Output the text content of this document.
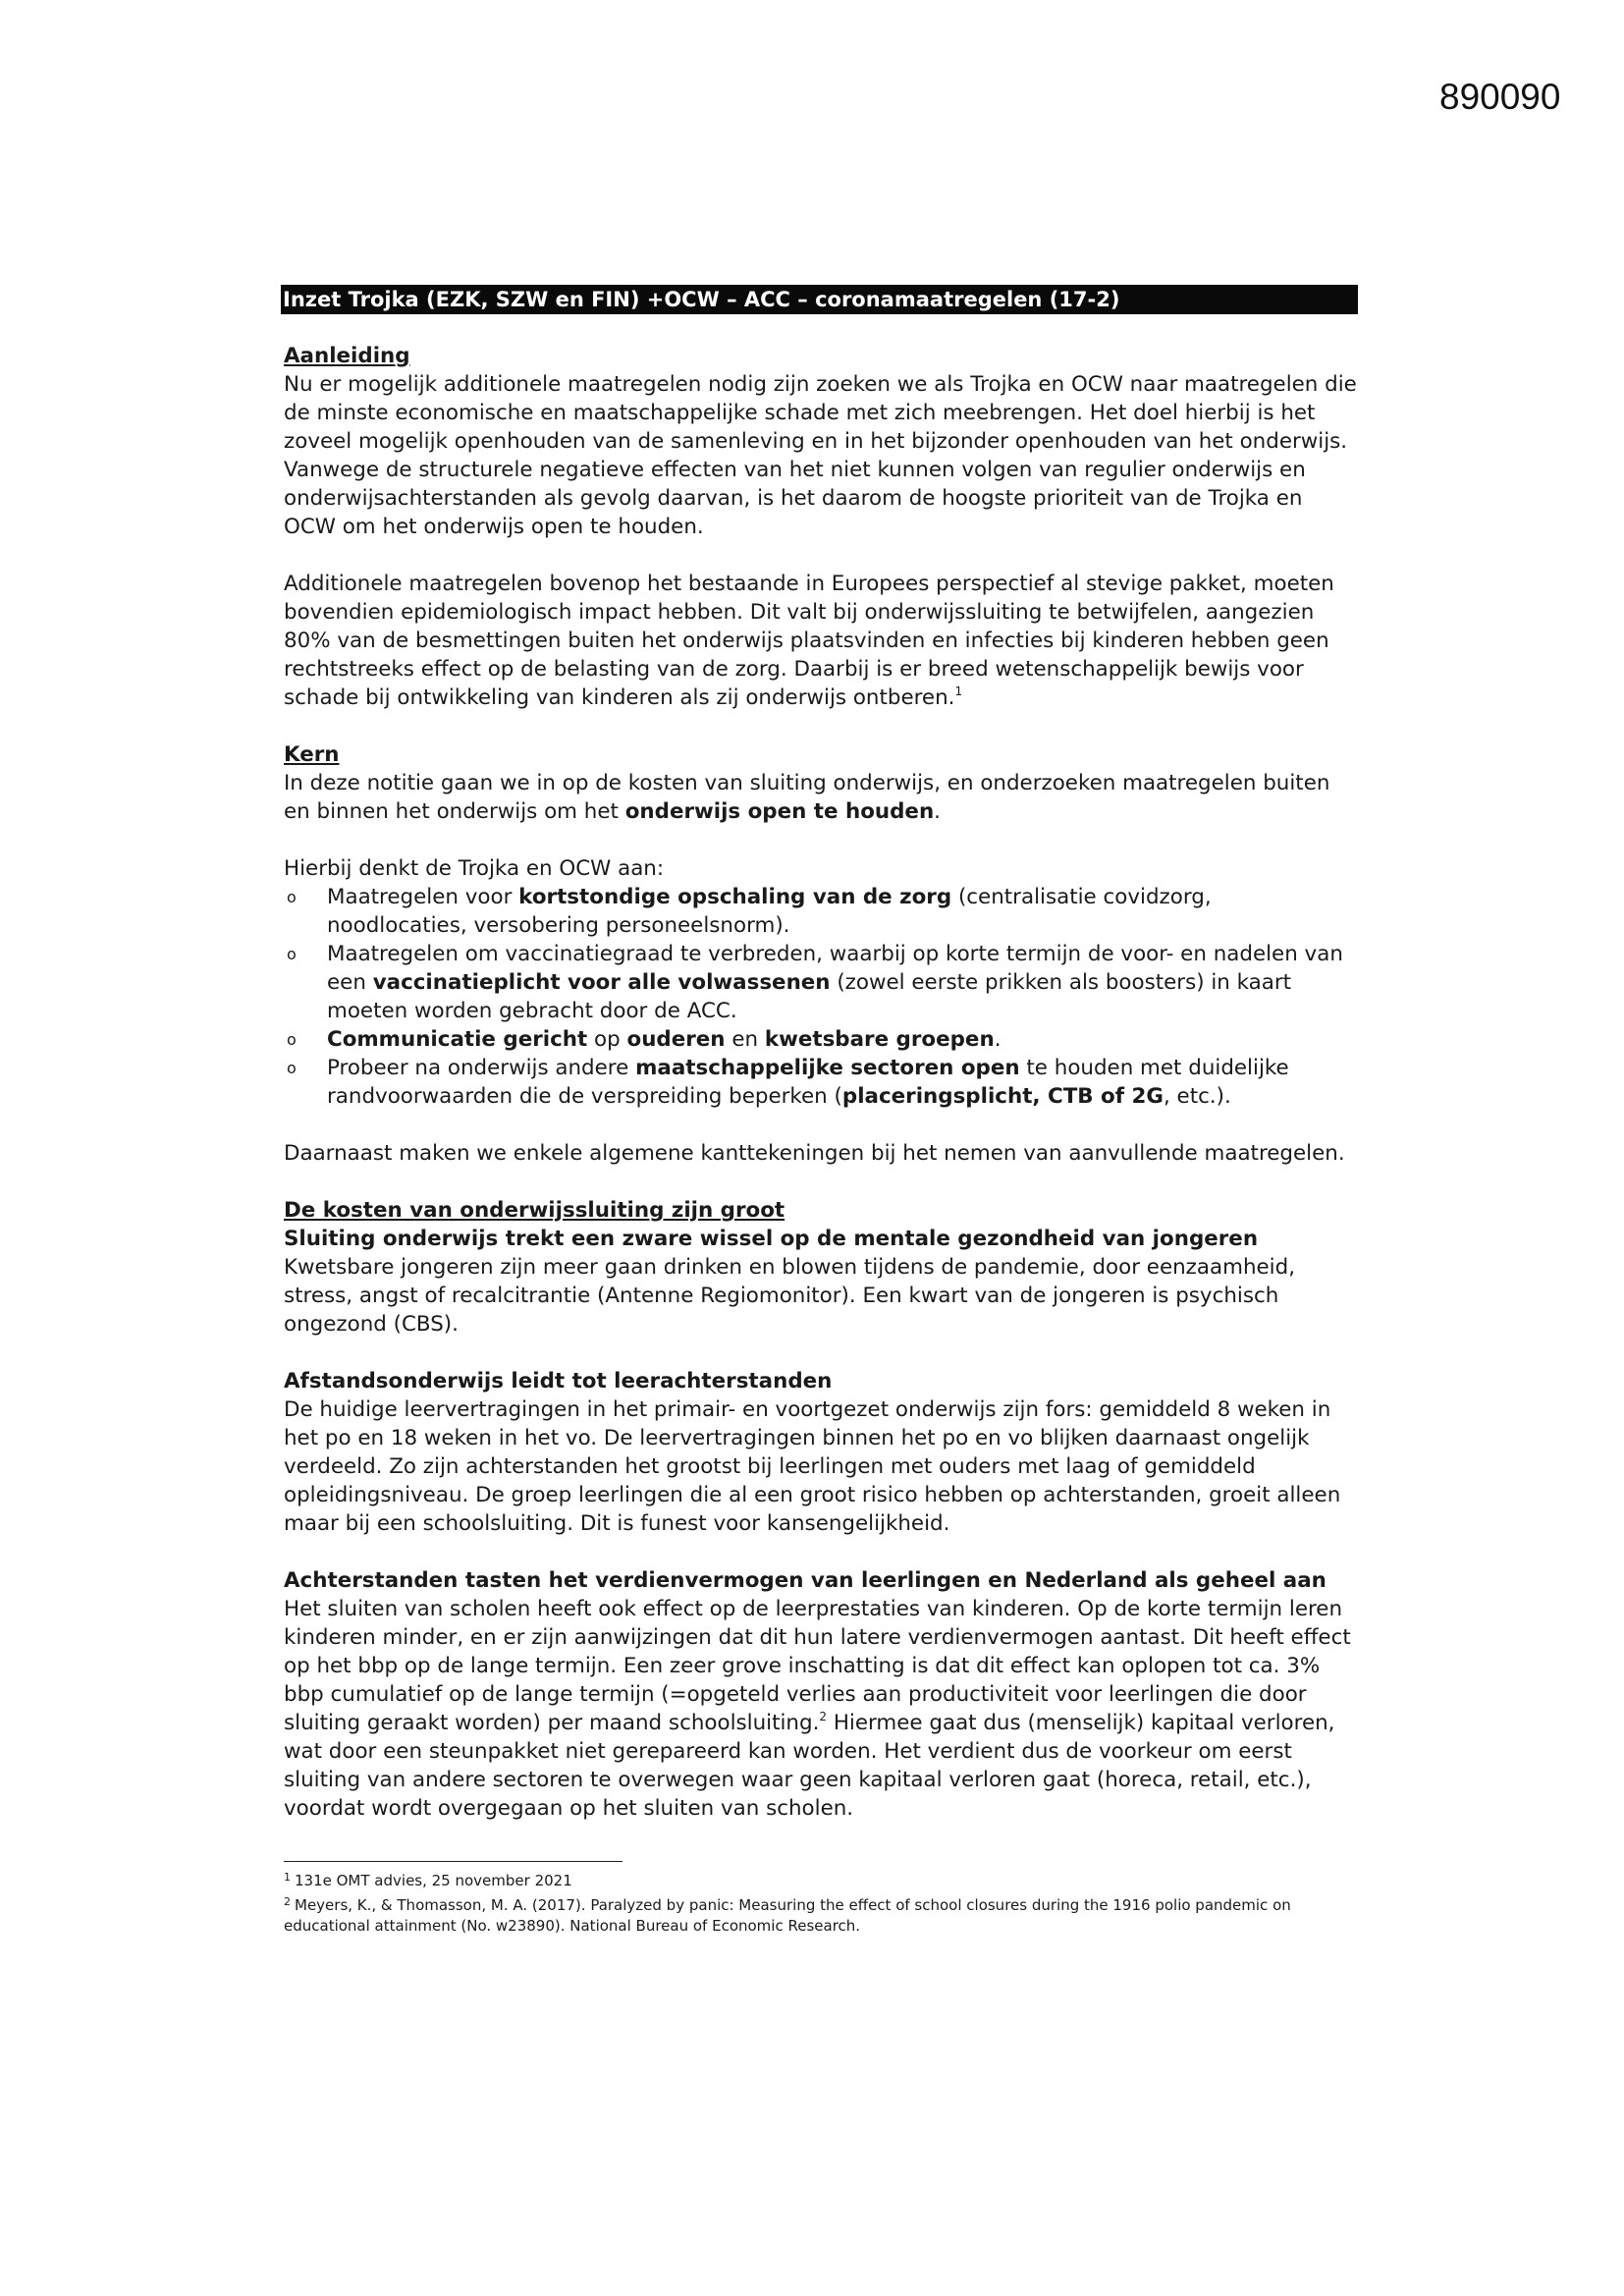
890090
Inzet Trojka (EZK, SZW en FIN) +OCW – ACC – coronamaatregelen (17-2)

Aanleiding

Nu er mogelijk additionele maatregelen nodig zijn zoeken we als Trojka en OCW naar maatregelen die de minste economische en maatschappelijke schade met zich meebrengen. Het doel hierbij is het zoveel mogelijk openhouden van de samenleving en in het bijzonder openhouden van het onderwijs. Vanwege de structurele negatieve effecten van het niet kunnen volgen van regulier onderwijs en onderwijsachterstanden als gevolg daarvan, is het daarom de hoogste prioriteit van de Trojka en OCW om het onderwijs open te houden.

Additionele maatregelen bovenop het bestaande in Europees perspectief al stevige pakket, moeten bovendien epidemiologisch impact hebben. Dit valt bij onderwijssluiting te betwijfelen, aangezien 80% van de besmettingen buiten het onderwijs plaatsvinden en infecties bij kinderen hebben geen rechtstreeks effect op de belasting van de zorg. Daarbij is er breed wetenschappelijk bewijs voor schade bij ontwikkeling van kinderen als zij onderwijs ontberen.$^1$

Kern

In deze notitie gaan we in op de kosten van sluiting onderwijs, en onderzoeken maatregelen buiten en binnen het onderwijs om het onderwijs open te houden.

Hierbij denkt de Trojka en OCW aan:

o Maatregelen voor kortstondige opschaling van de zorg (centralisatie covidzorg, noodlocaties, versobering personeelsnorm).
o Maatregelen om vaccinatiegraad te verbreden, waarbij op korte termijn de voor- en nadelen van een vaccinatieplicht voor alle volwassenen (zowel eerste prikken als boosters) in kaart moeten worden gebracht door de ACC.
o Communicatie gericht op ouderen en kwetsbare groepen.
o Probeer na onderwijs andere maatschappelijke sectoren open te houden met duidelijke randvoorwaarden die de verspreiding beperken (placeringsplicht, CTB of 2G, etc.).

Daarnaast maken we enkele algemene kanttekeningen bij het nemen van aanvullende maatregelen.

De kosten van onderwijssluiting zijn groot

Sluiting onderwijs trekt een zware wissel op de mentale gezondheid van jongeren

Kwetsbare jongeren zijn meer gaan drinken en blowen tijdens de pandemie, door eenzaamheid, stress, angst of recalcitrantie (Antenne Regiomonitor). Een kwart van de jongeren is psychisch ongezond (CBS).

Afstandsonderwijs leidt tot leerachterstanden

De huidige leervertragingen in het primair- en voortgezet onderwijs zijn fors: gemiddeld 8 weken in het po en 18 weken in het vo. De leervertragingen binnen het po en vo blijken daarnaast ongelijk verdeeld. Zo zijn achterstanden het grootst bij leerlingen met ouders met laag of gemiddeld opleidingsniveau. De groep leerlingen die al een groot risico hebben op achterstanden, groeit alleen maar bij een schoolsluiting. Dit is funest voor kansengelijkheid.

Achterstanden tasten het verdienvermogen van leerlingen en Nederland als geheel aan

Het sluiten van scholen heeft ook effect op de leerprestaties van kinderen. Op de korte termijn leren kinderen minder, en er zijn aanwijzingen dat dit hun latere verdienvermogen aantast. Dit heeft effect op het bbp op de lange termijn. Een zeer grove inschatting is dat dit effect kan oplopen tot ca. 3% bbp cumulatief op de lange termijn (=opgeteld verlies aan productiviteit voor leerlingen die door sluiting geraakt worden) per maand schoolsluiting.$^2$ Hiermee gaat dus (menselijk) kapitaal verloren, wat door een steunpakket niet gerepareerd kan worden. Het verdient dus de voorkeur om eerst sluiting van andere sectoren te overwegen waar geen kapitaal verloren gaat (horeca, retail, etc.), voordat wordt overgegaan op het sluiten van scholen.

$^1$ 131e OMT advies, 25 november 2021

$^2$ Meyers, K., & Thomasson, M. A. (2017). Paralyzed by panic: Measuring the effect of school closures during the 1916 polio pandemic on educational attainment (No. w23890). National Bureau of Economic Research.
